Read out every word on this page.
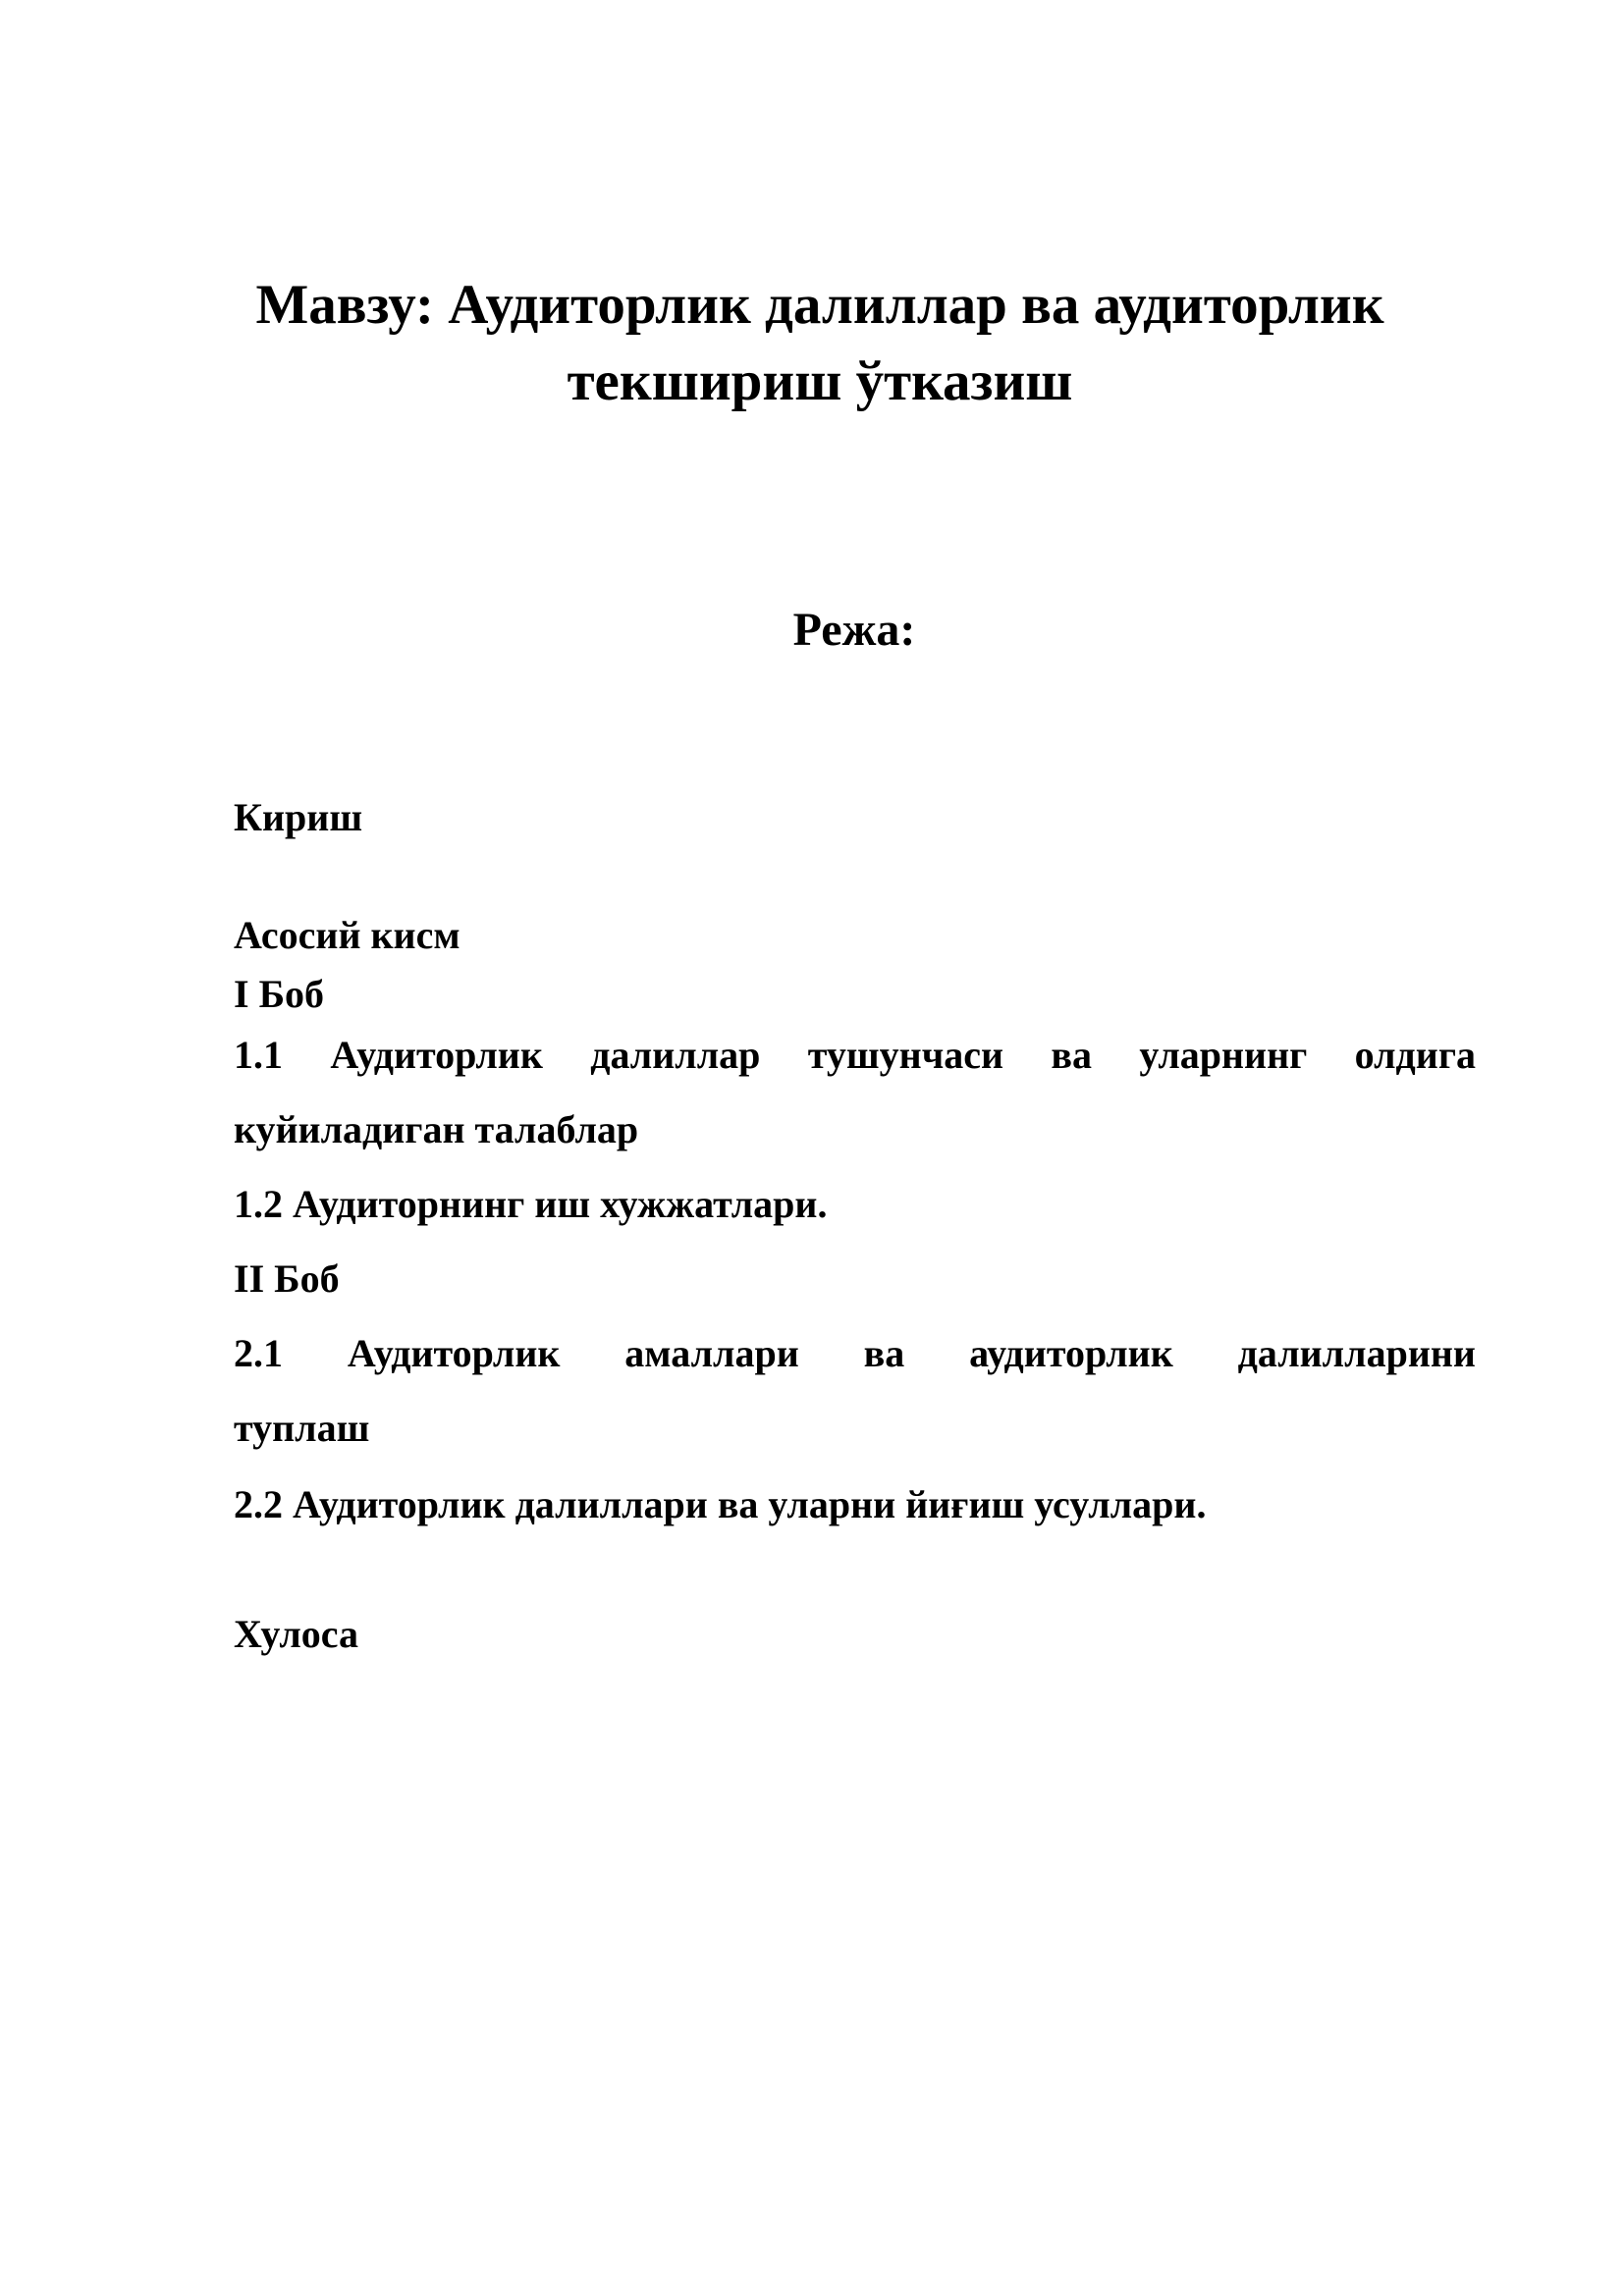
Мавзу: Аудиторлик далиллар ва аудиторлик
текшириш ўтказиш
Режа:

Кириш

Асосий кисм

I Боб

1.1 Аудиторлик далиллар тушунчаси ва уларнинг олдига

куйиладиган талаблар

1.2 Аудиторнинг иш хужжатлари.

II Боб

2.1 Аудиторлик амаллари ва аудиторлик далилларини

туплаш

2.2 Аудиторлик далиллари ва уларни йиғиш усуллари.

Хулоса
